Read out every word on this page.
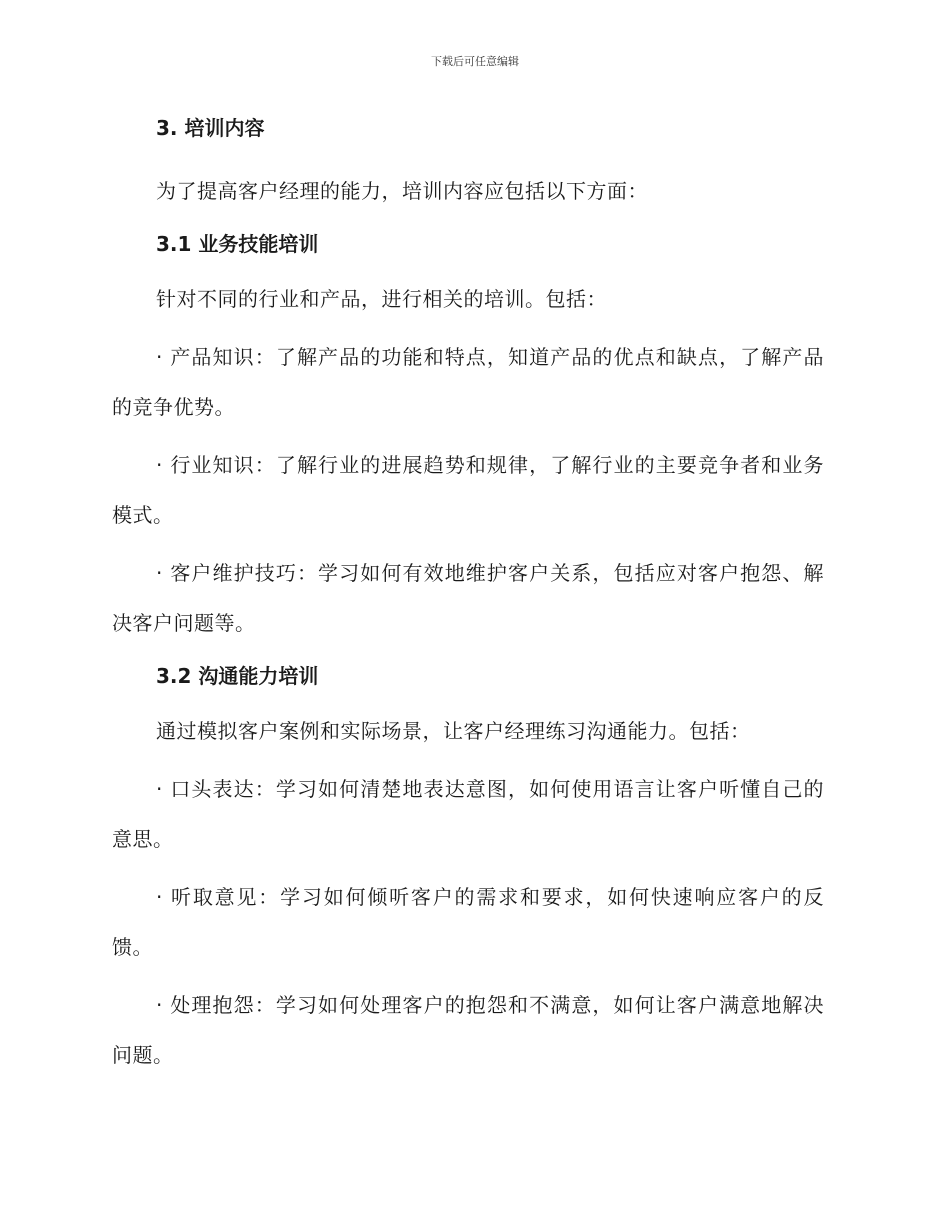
下载后可任意编辑
3. 培训内容

为了提高客户经理的能力，培训内容应包括以下方面：

3.1 业务技能培训

针对不同的行业和产品，进行相关的培训。包括：

· 产品知识：了解产品的功能和特点，知道产品的优点和缺点，了解产品的竞争优势。

· 行业知识：了解行业的进展趋势和规律，了解行业的主要竞争者和业务模式。

· 客户维护技巧：学习如何有效地维护客户关系，包括应对客户抱怨、解决客户问题等。

3.2 沟通能力培训

通过模拟客户案例和实际场景，让客户经理练习沟通能力。包括：

· 口头表达：学习如何清楚地表达意图，如何使用语言让客户听懂自己的意思。

· 听取意见：学习如何倾听客户的需求和要求，如何快速响应客户的反馈。

· 处理抱怨：学习如何处理客户的抱怨和不满意，如何让客户满意地解决问题。
